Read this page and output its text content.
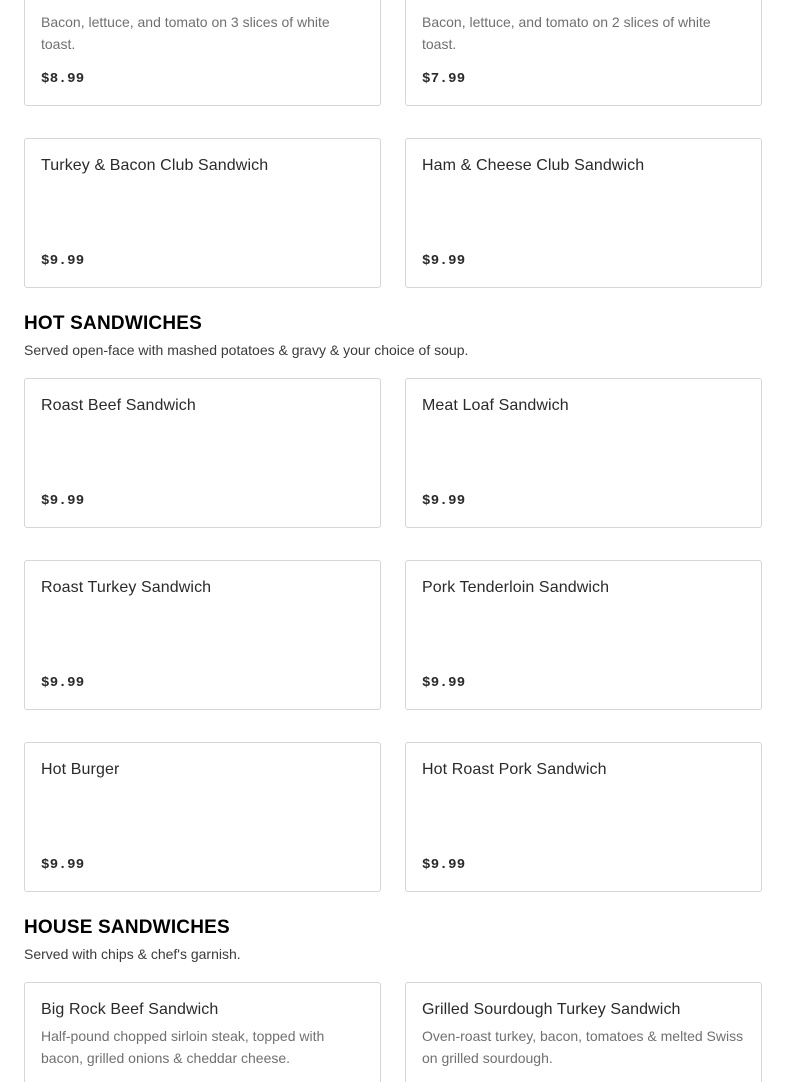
Bacon, lettuce, and tomato on 3 slices of white toast.
$8.99
Bacon, lettuce, and tomato on 2 slices of white toast.
$7.99
Turkey & Bacon Club Sandwich
$9.99
Ham & Cheese Club Sandwich
$9.99
HOT SANDWICHES
Served open-face with mashed potatoes & gravy & your choice of soup.
Roast Beef Sandwich
$9.99
Meat Loaf Sandwich
$9.99
Roast Turkey Sandwich
$9.99
Pork Tenderloin Sandwich
$9.99
Hot Burger
$9.99
Hot Roast Pork Sandwich
$9.99
HOUSE SANDWICHES
Served with chips & chef's garnish.
Big Rock Beef Sandwich
Half-pound chopped sirloin steak, topped with bacon, grilled onions & cheddar cheese.
Grilled Sourdough Turkey Sandwich
Oven-roast turkey, bacon, tomatoes & melted Swiss on grilled sourdough.
